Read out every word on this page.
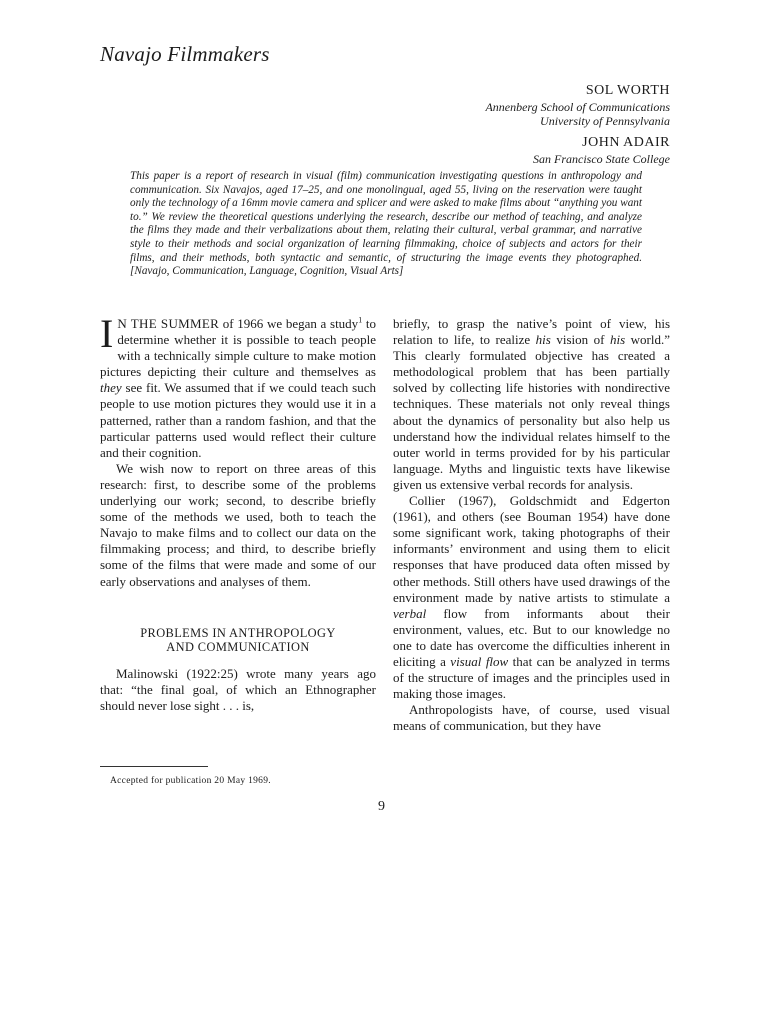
Navajo Filmmakers
SOL WORTH
Annenberg School of Communications
University of Pennsylvania
JOHN ADAIR
San Francisco State College
This paper is a report of research in visual (film) communication investigating questions in anthropology and communication. Six Navajos, aged 17–25, and one monolingual, aged 55, living on the reservation were taught only the technology of a 16mm movie camera and splicer and were asked to make films about “anything you want to.” We review the theoretical questions underlying the research, describe our method of teaching, and analyze the films they made and their verbalizations about them, relating their cultural, verbal grammar, and narrative style to their methods and social organization of learning filmmaking, choice of subjects and actors for their films, and their methods, both syntactic and semantic, of structuring the image events they photographed. [Navajo, Communication, Language, Cognition, Visual Arts]

I N THE SUMMER of 1966 we began a study$^1$ to determine whether it is possible to teach people with a technically simple culture to make motion pictures depicting their culture and themselves as they see fit. We assumed that if we could teach such people to use motion pictures they would use it in a patterned, rather than a random fashion, and that the particular patterns used would reflect their culture and their cognition.

We wish now to report on three areas of this research: first, to describe some of the problems underlying our work; second, to describe briefly some of the methods we used, both to teach the Navajo to make films and to collect our data on the filmmaking process; and third, to describe briefly some of the films that were made and some of our early observations and analyses of them.

PROBLEMS IN ANTHROPOLOGY
AND COMMUNICATION

Malinowski (1922:25) wrote many years ago that: “the final goal, of which an Ethnographer should never lose sight . . . is,

briefly, to grasp the native’s point of view, his relation to life, to realize his vision of his world.” This clearly formulated objective has created a methodological problem that has been partially solved by collecting life histories with nondirective techniques. These materials not only reveal things about the dynamics of personality but also help us understand how the individual relates himself to the outer world in terms provided for by his particular language. Myths and linguistic texts have likewise given us extensive verbal records for analysis.

Collier (1967), Goldschmidt and Edgerton (1961), and others (see Bouman 1954) have done some significant work, taking photographs of their informants’ environment and using them to elicit responses that have produced data often missed by other methods. Still others have used drawings of the environment made by native artists to stimulate a verbal flow from informants about their environment, values, etc. But to our knowledge no one to date has overcome the difficulties inherent in eliciting a visual flow that can be analyzed in terms of the structure of images and the principles used in making those images.

Anthropologists have, of course, used visual means of communication, but they have

Accepted for publication 20 May 1969.
9
